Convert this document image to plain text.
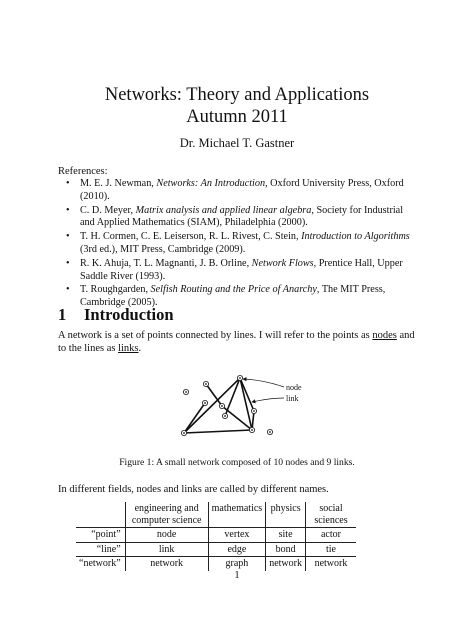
Networks: Theory and Applications
Autumn 2011
Dr. Michael T. Gastner
References:
• M. E. J. Newman, Networks: An Introduction, Oxford University Press, Oxford (2010).
• C. D. Meyer, Matrix analysis and applied linear algebra, Society for Industrial and Applied Mathematics (SIAM), Philadelphia (2000).
• T. H. Cormen, C. E. Leiserson, R. L. Rivest, C. Stein, Introduction to Algorithms (3rd ed.), MIT Press, Cambridge (2009).
• R. K. Ahuja, T. L. Magnanti, J. B. Orline, Network Flows, Prentice Hall, Upper Saddle River (1993).
• T. Roughgarden, Selfish Routing and the Price of Anarchy, The MIT Press, Cambridge (2005).
1 Introduction
A network is a set of points connected by lines. I will refer to the points as nodes and to the lines as links.
node
link
Figure 1: A small network composed of 10 nodes and 9 links.
In different fields, nodes and links are called by different names.
	engineering and computer science	mathematics	physics	social sciences
“point”	node	vertex	site	actor
“line”	link	edge	bond	tie
“network”	network	graph	network	network
1
